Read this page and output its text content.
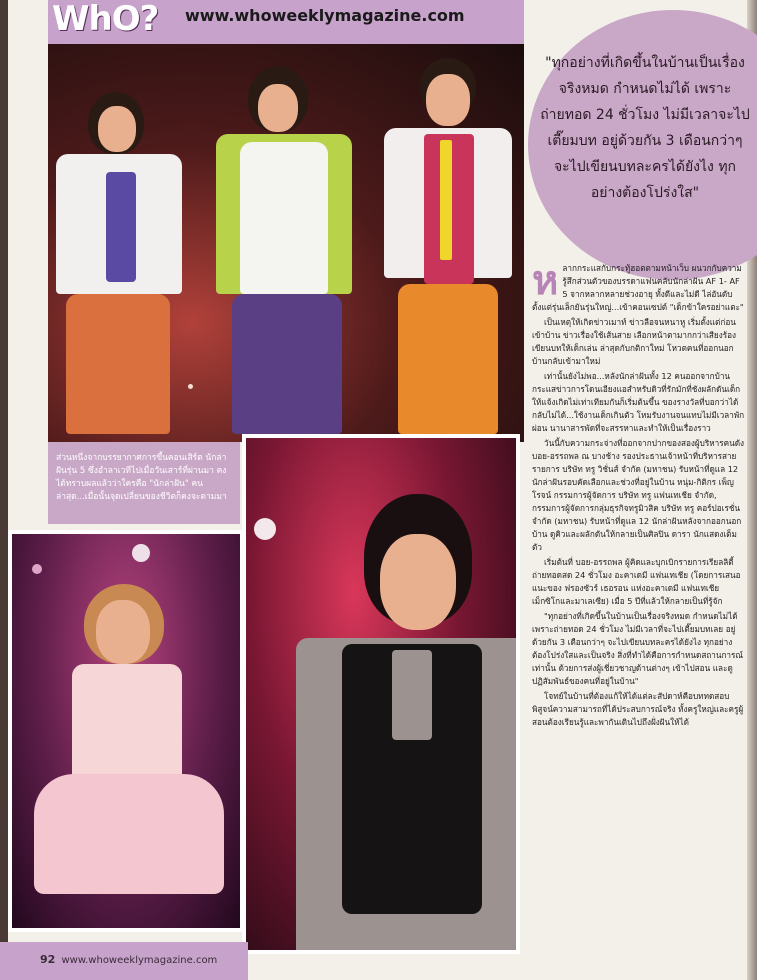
WhO?	www.whoweeklymagazine.com
ส่วนหนึ่งจากบรรยากาศการขึ้นคอนเสิร์ต นักล่าฝันรุ่น 5 ซึ่งอำลาเวทีไปเมื่อวันเสาร์ที่ผ่านมา คงได้ทราบผลแล้วว่าใครคือ "นักล่าฝัน" คนล่าสุด...เมื่อนั้นจุดเปลี่ยนของชีวิตก็คงจะตามมา
"ทุกอย่างที่เกิดขึ้นในบ้านเป็นเรื่องจริงหมด กำหนดไม่ได้ เพราะถ่ายทอด 24 ชั่วโมง ไม่มีเวลาจะไปเตี๊ยมบท อยู่ด้วยกัน 3 เดือนกว่าๆ จะไปเขียนบทละครได้ยังไง ทุกอย่างต้องโปร่งใส"
ห ลากกระแสกับกระทู้ฮอตตามหน้าเว็บ ผนวกกับความรู้สึกส่วนตัวของบรรดาแฟนคลับนักล่าฝัน AF 1- AF 5 จากหลากหลายช่วงอายุ ทั้งดีและไม่ดี ไล่อันดับตั้งแต่รุ่นเล็กยันรุ่นใหญ่...เข้าคอนเซปต์ "เด็กข้าใครอย่าแตะ"

เป็นเหตุให้เกิดข่าวเมาท์ ข่าวลือจนหนาหู เริ่มตั้งแต่ก่อนเข้าบ้าน ข่าวเรื่องใช้เส้นสาย เลือกหน้าตามากกว่าเสียงร้อง เขียนบทให้เด็กเล่น ล่าสุดกับกติกาใหม่ โหวตคนที่ออกนอกบ้านกลับเข้ามาใหม่

เท่านั้นยังไม่พอ...หลังนักล่าฝันทั้ง 12 คนออกจากบ้าน กระแสข่าวการโดนเอียงแอสำหรับดิวที่รักมักที่ชังผลักดันเด็กให้แจ้งเกิดไม่เท่าเทียมกันก็เริ่มต้นขึ้น ของรางวัลที่บอกว่าได้กลับไม่ได้...ใช้งานเด็กเกินตัว โหมรับงานจนแทบไม่มีเวลาพักผ่อน นานาสารพัดที่จะสรรหาและทำให้เป็นเรื่องราว

วันนี้กับความกระจ่างที่ออกจากปากของสองผู้บริหารคนดัง บอย-อรรถพล ณ บางช้าง รองประธานเจ้าหน้าที่บริหารสายรายการ บริษัท ทรู วิชั่นส์ จำกัด (มหาชน) รับหน้าที่ดูแล 12 นักล่าฝันรอบคัดเลือกและช่วงที่อยู่ในบ้าน หนุ่ม-กิติกร เพ็ญโรจน์ กรรมการผู้จัดการ บริษัท ทรู แฟนเทเชีย จำกัด, กรรมการผู้จัดการกลุ่มธุรกิจทรูมิวสิค บริษัท ทรู คอร์ปอเรชั่น จำกัด (มหาชน) รับหน้าที่ดูแล 12 นักล่าฝันหลังจากออกนอกบ้าน ดูคิวและผลักดันให้กลายเป็นศิลปิน ดารา นักแสดงเต็มตัว

เริ่มต้นที่ บอย-อรรถพล ผู้คิดและบุกเบิกรายการเรียลลิตี้ถ่ายทอดสด 24 ชั่วโมง อะคาเดมี แฟนเทเชีย (โดยการเสนอแนะของ ฟรองซัวร์ เธอรอน แห่งอะคาเดมี แฟนเทเชีย เม็กซิโกและมาเลเซีย) เมื่อ 5 ปีที่แล้วให้กลายเป็นที่รู้จัก

"ทุกอย่างที่เกิดขึ้นในบ้านเป็นเรื่องจริงหมด กำหนดไม่ได้ เพราะถ่ายทอด 24 ชั่วโมง ไม่มีเวลาที่จะไปเตี๊ยมบทเลย อยู่ด้วยกัน 3 เดือนกว่าๆ จะไปเขียนบทละครได้ยังไง ทุกอย่างต้องโปร่งใสและเป็นจริง สิ่งที่ทำได้คือการกำหนดสถานการณ์เท่านั้น ด้วยการส่งผู้เชี่ยวชาญด้านต่างๆ เข้าไปสอน และดูปฏิสัมพันธ์ของคนที่อยู่ในบ้าน"

โจทย์ในบ้านที่ต้องแก้ให้ได้แต่ละสัปดาห์คือบททดสอบพิสูจน์ความสามารถที่ได้ประสบการณ์จริง ทั้งครูใหญ่และครูผู้สอนต้องเรียนรู้และพากันเดินไปถึงฝั่งฝันให้ได้

92 www.whoweeklymagazine.com
